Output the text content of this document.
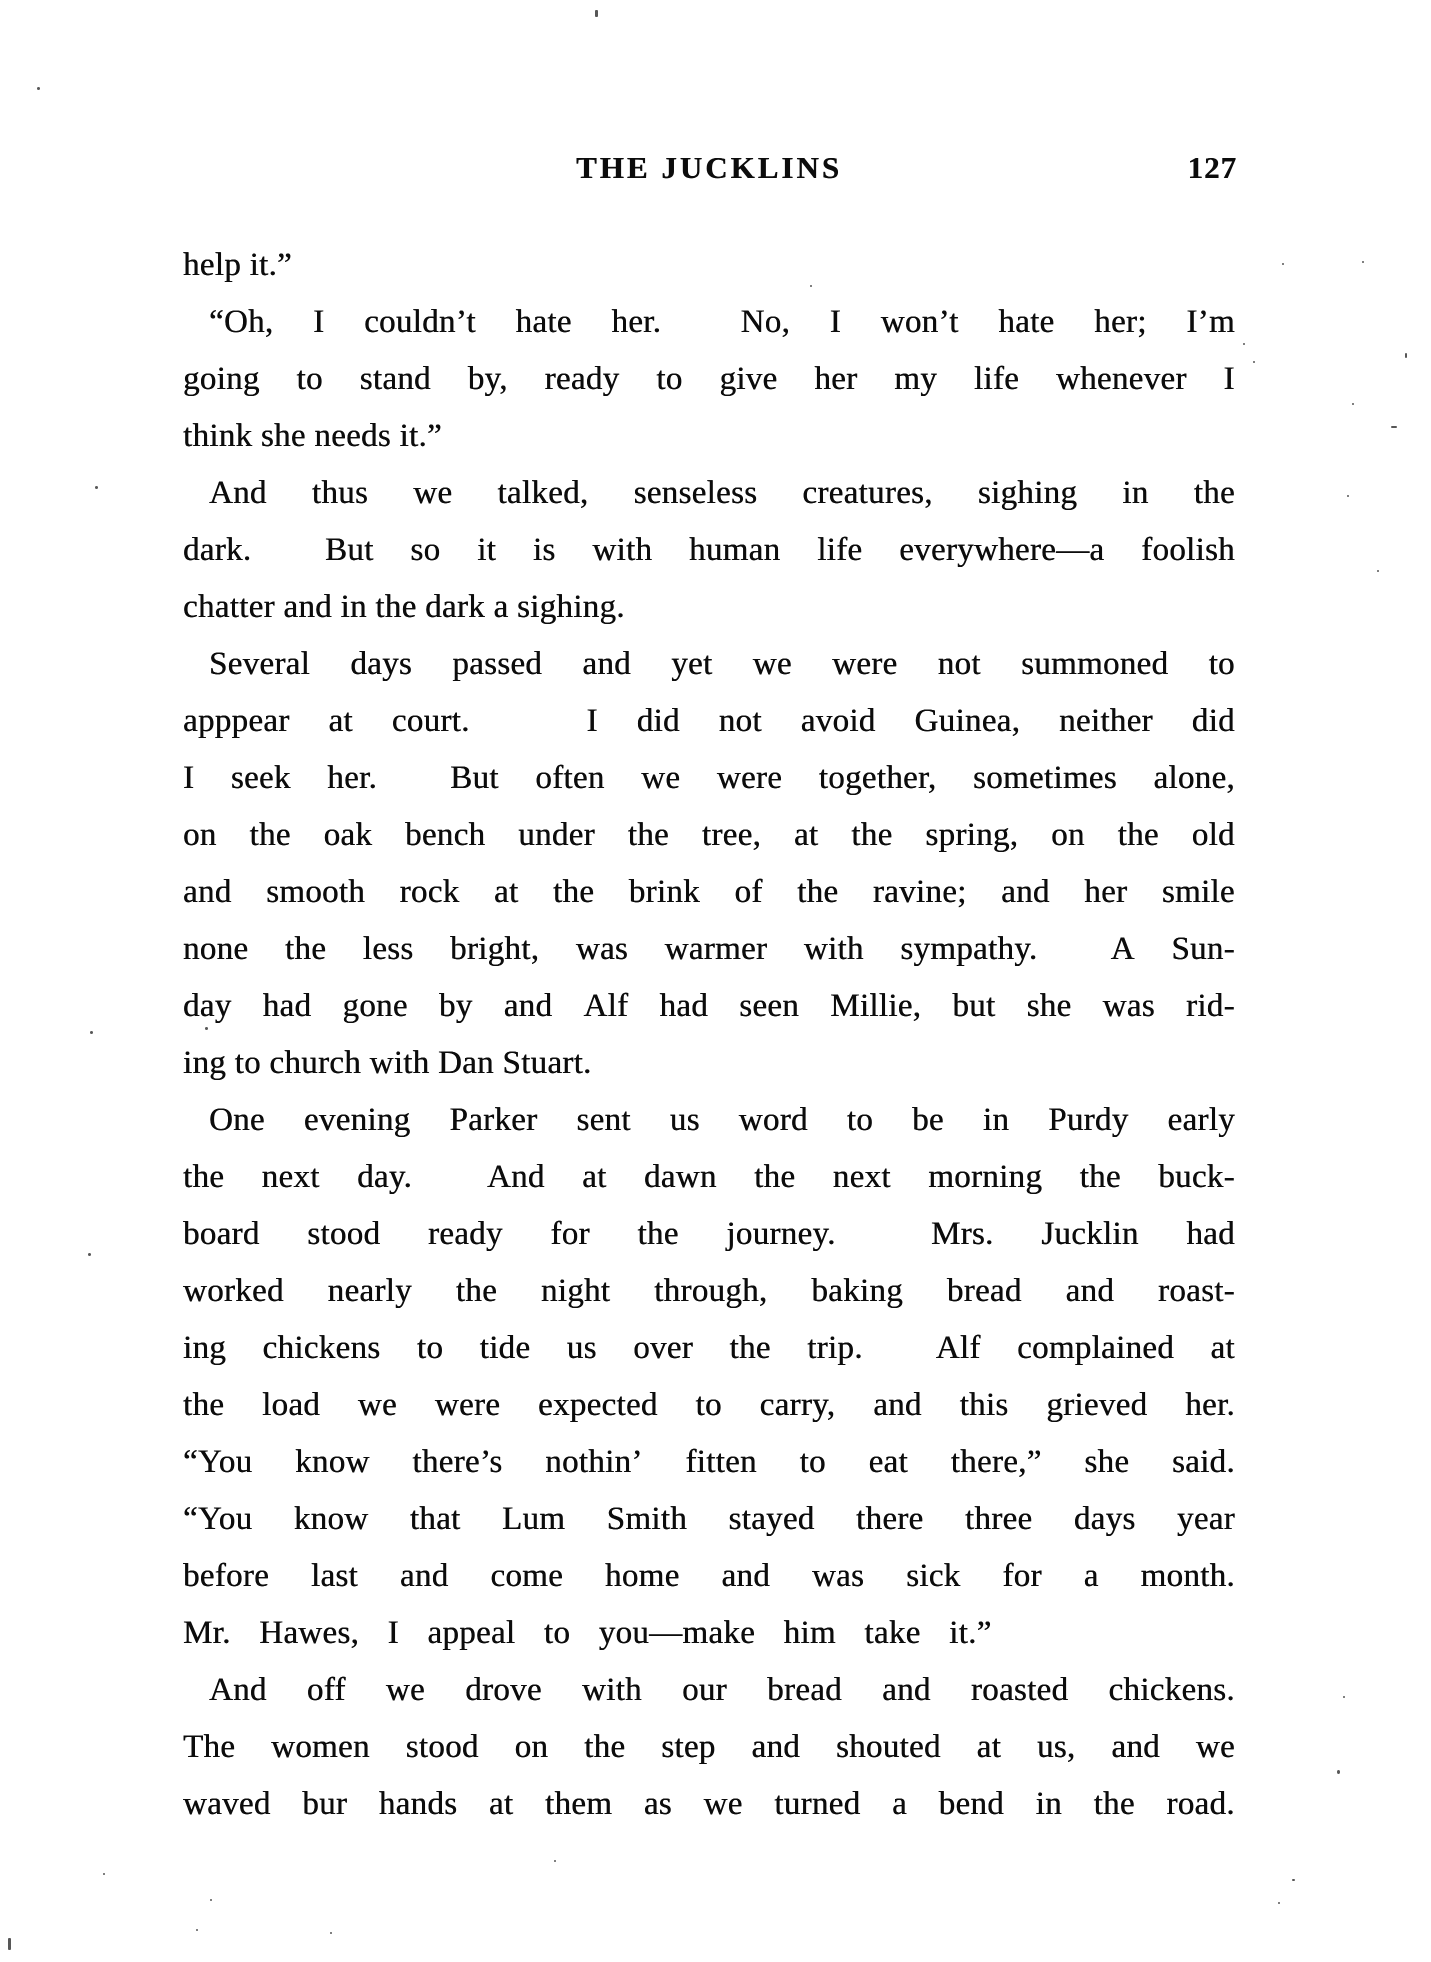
THE JUCKLINS	127
help it.”
“Oh, I couldn’t hate her. No, I won’t hate her; I’m
going to stand by, ready to give her my life whenever I
think she needs it.”
And thus we talked, senseless creatures, sighing in the
dark. But so it is with human life everywhere—a foolish
chatter and in the dark a sighing.
Several days passed and yet we were not summoned to
apppear at court.	I did not avoid Guinea, neither did
I seek her. But often we were together, sometimes alone,
on the oak bench under the tree, at the spring, on the old
and smooth rock at the brink of the ravine; and her smile
none the less bright, was warmer with sympathy. A Sun-
day had gone by and Alf had seen Millie, but she was rid-
ing to church with Dan Stuart.
One evening Parker sent us word to be in Purdy early
the next day. And at dawn the next morning the buck-
board stood ready for the journey.	Mrs. Jucklin had
worked nearly the night through, baking bread and roast-
ing chickens to tide us over the trip. Alf complained at
the load we were expected to carry, and this grieved her.
“You know there’s nothin’ fitten to eat there,” she said.
“You know that Lum Smith stayed there three days year
before last and come home and was sick for a month.
Mr. Hawes, I appeal to you—make him take it.”
And off we drove with our bread and roasted chickens.
The women stood on the step and shouted at us, and we
waved bur hands at them as we turned a bend in the road.
